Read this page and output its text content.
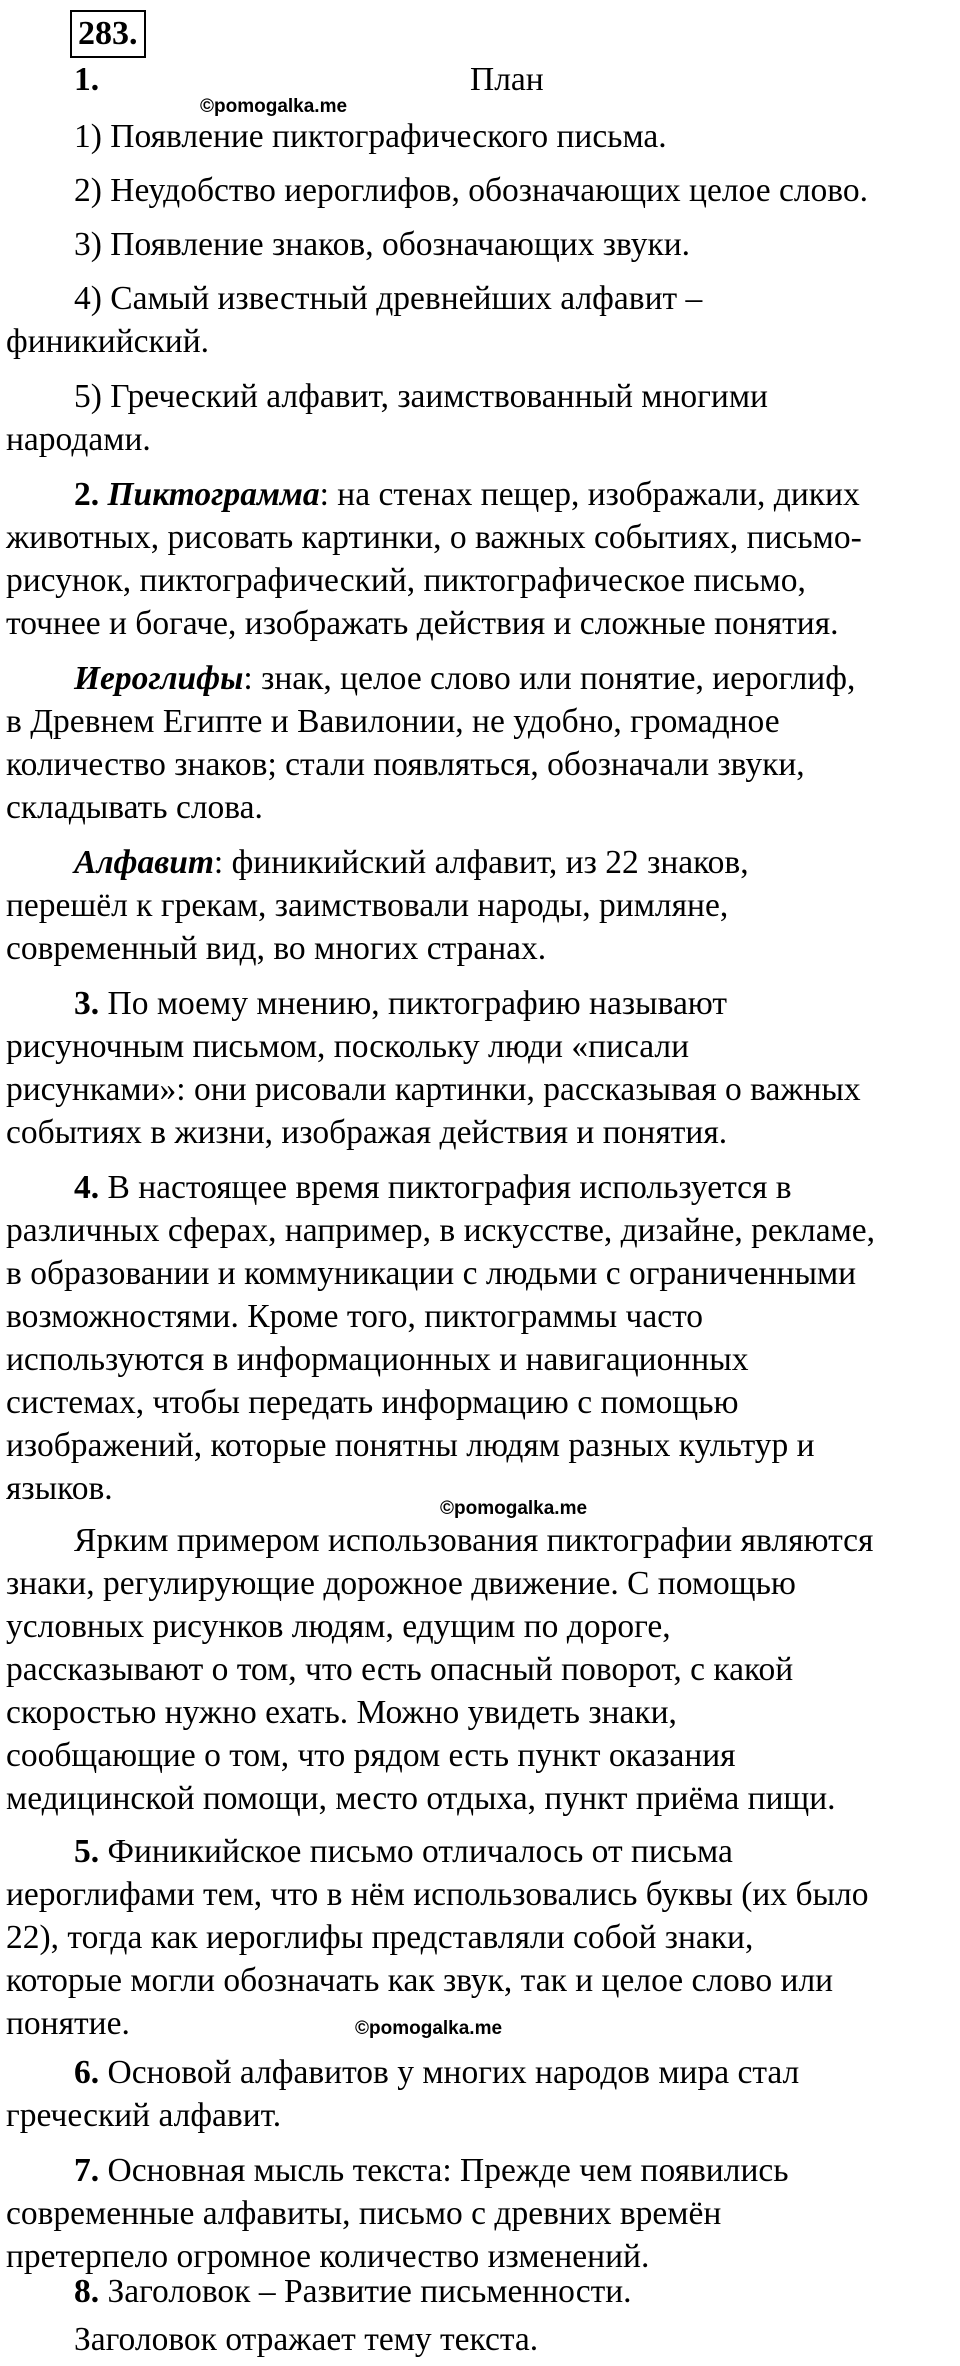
283.
1.	План
©pomogalka.me
1) Появление пиктографического письма.
2) Неудобство иероглифов, обозначающих целое слово.
3) Появление знаков, обозначающих звуки.
4) Самый известный древнейших алфавит –
финикийский.
5) Греческий алфавит, заимствованный многими
народами.
2. Пиктограмма: на стенах пещер, изображали, диких
животных, рисовать картинки, о важных событиях, письмо-
рисунок, пиктографический, пиктографическое письмо,
точнее и богаче, изображать действия и сложные понятия.
Иероглифы: знак, целое слово или понятие, иероглиф,
в Древнем Египте и Вавилонии, не удобно, громадное
количество знаков; стали появляться, обозначали звуки,
складывать слова.
Алфавит: финикийский алфавит, из 22 знаков,
перешёл к грекам, заимствовали народы, римляне,
современный вид, во многих странах.
3. По моему мнению, пиктографию называют
рисуночным письмом, поскольку люди «писали
рисунками»: они рисовали картинки, рассказывая о важных
событиях в жизни, изображая действия и понятия.
4. В настоящее время пиктография используется в
различных сферах, например, в искусстве, дизайне, рекламе,
в образовании и коммуникации с людьми с ограниченными
возможностями. Кроме того, пиктограммы часто
используются в информационных и навигационных
системах, чтобы передать информацию с помощью
изображений, которые понятны людям разных культур и
языков.
©pomogalka.me
Ярким примером использования пиктографии являются
знаки, регулирующие дорожное движение. С помощью
условных рисунков людям, едущим по дороге,
рассказывают о том, что есть опасный поворот, с какой
скоростью нужно ехать. Можно увидеть знаки,
сообщающие о том, что рядом есть пункт оказания
медицинской помощи, место отдыха, пункт приёма пищи.
5. Финикийское письмо отличалось от письма
иероглифами тем, что в нём использовались буквы (их было
22), тогда как иероглифы представляли собой знаки,
которые могли обозначать как звук, так и целое слово или
понятие.	©pomogalka.me
6. Основой алфавитов у многих народов мира стал
греческий алфавит.
7. Основная мысль текста: Прежде чем появились
современные алфавиты, письмо с древних времён
претерпело огромное количество изменений.
8. Заголовок – Развитие письменности.
Заголовок отражает тему текста.
